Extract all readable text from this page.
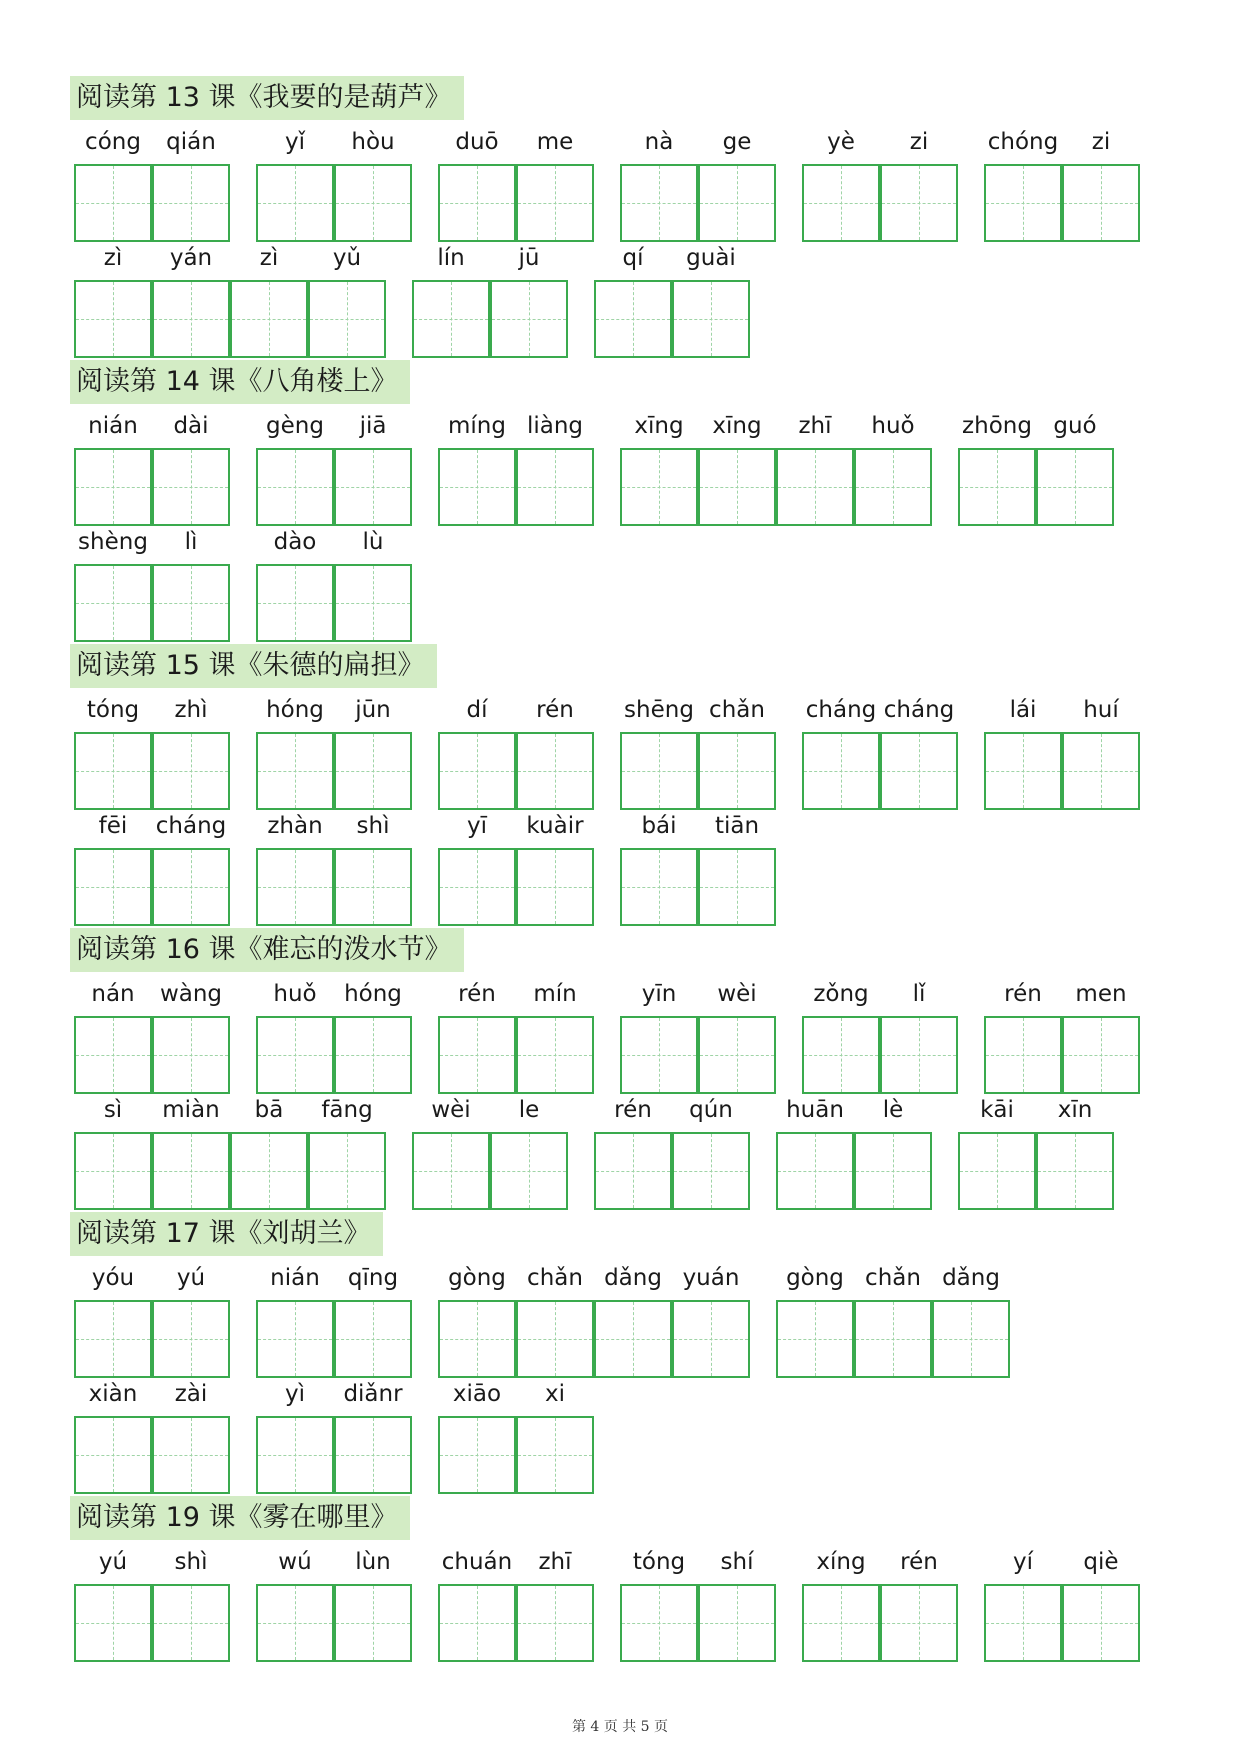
阅读第 13 课《我要的是葫芦》
cóng	qián	yǐ	hòu	duō	me	nà	ge	yè	zi	chóng	zi
zì	yán	zì	yǔ	lín	jū	qí	guài
阅读第 14 课《八角楼上》
nián	dài	gèng	jiā	míng liàng	xīng	xīng	zhī	huǒ	zhōng guó
shèng	lì	dào	lù
阅读第 15 课《朱德的扁担》
tóng	zhì	hóng	jūn	dí	rén	shēng chǎn	cháng cháng	lái	huí
fēi	cháng	zhàn	shì	yī	kuàir	bái	tiān
阅读第 16 课《难忘的泼水节》
nán	wàng	huǒ	hóng	rén	mín	yīn	wèi	zǒng	lǐ	rén	men
sì	miàn	bā	fāng	wèi	le	rén	qún	huān	lè	kāi	xīn
阅读第 17 课《刘胡兰》
yóu	yú	nián	qīng	gòng chǎn dǎng yuán	gòng chǎn dǎng
xiàn	zài	yì	diǎnr	xiāo	xi
阅读第 19 课《雾在哪里》
yú	shì	wú	lùn	chuán	zhī	tóng	shí	xíng	rén	yí	qiè
第 4 页 共 5 页
